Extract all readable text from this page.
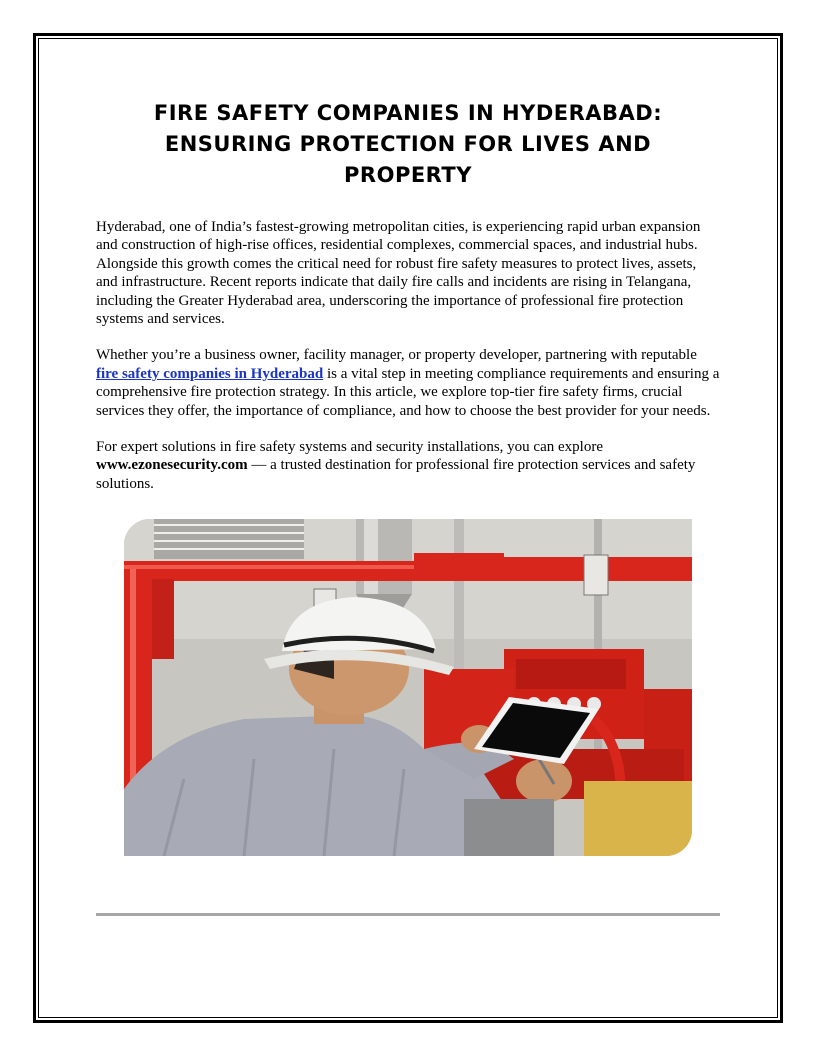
FIRE SAFETY COMPANIES IN HYDERABAD: ENSURING PROTECTION FOR LIVES AND PROPERTY

Hyderabad, one of India’s fastest-growing metropolitan cities, is experiencing rapid urban expansion and construction of high-rise offices, residential complexes, commercial spaces, and industrial hubs. Alongside this growth comes the critical need for robust fire safety measures to protect lives, assets, and infrastructure. Recent reports indicate that daily fire calls and incidents are rising in Telangana, including the Greater Hyderabad area, underscoring the importance of professional fire protection systems and services.

Whether you’re a business owner, facility manager, or property developer, partnering with reputable fire safety companies in Hyderabad is a vital step in meeting compliance requirements and ensuring a comprehensive fire protection strategy. In this article, we explore top-tier fire safety firms, crucial services they offer, the importance of compliance, and how to choose the best provider for your needs.

For expert solutions in fire safety systems and security installations, you can explore www.ezonesecurity.com — a trusted destination for professional fire protection services and safety solutions.
